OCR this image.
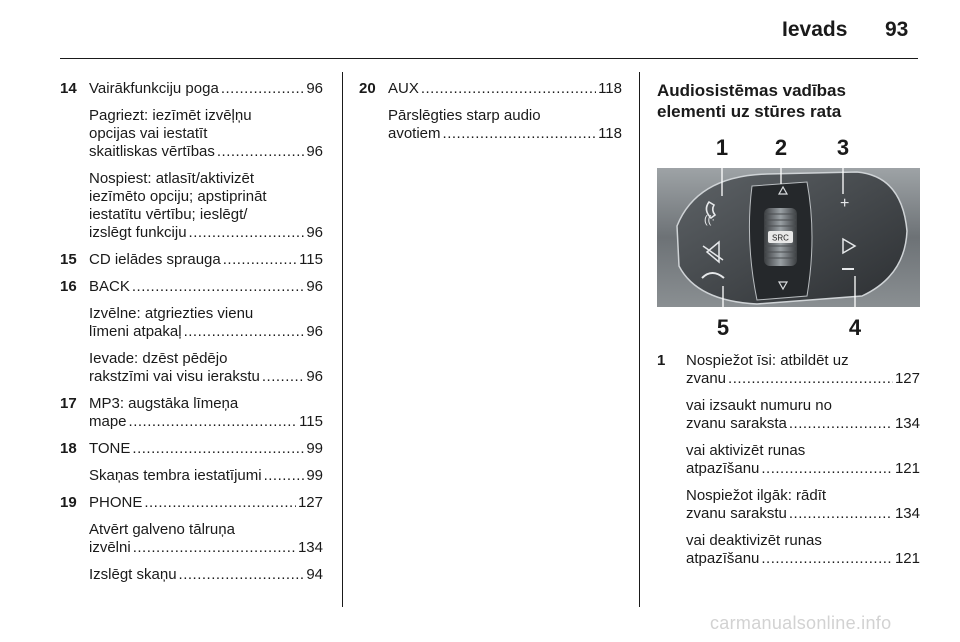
Ievads 93
14 Vairākfunkciju poga .....	96
Pagriezt: iezīmēt izvēļņu
opcijas vai iestatīt
skaitliskas vērtības .....	96
Nospiest: atlasīt/aktivizēt
iezīmēto opciju; apstiprināt
iestatītu vērtību; ieslēgt/
izslēgt funkciju .....	96
15 CD ielādes sprauga .....	115
16 BACK .....	96
Izvēlne: atgriezties vienu
līmeni atpakaļ .....	96
Ievade: dzēst pēdējo
rakstzīmi vai visu ierakstu .....	96
17 MP3: augstāka līmeņa
mape .....	115
18 TONE .....	99
Skaņas tembra iestatījumi .....	99
19 PHONE .....	127
Atvērt galveno tālruņa
izvēlni .....	134
Izslēgt skaņu .....	94
20 AUX .....	118
Pārslēgties starp audio
avotiem .....	118
Audiosistēmas vadības
elementi uz stūres rata
SRC
((·
+
1 2 3
4
5
1 Nospiežot īsi: atbildēt uz
zvanu .....	127
vai izsaukt numuru no
zvanu saraksta .....	134
vai aktivizēt runas
atpazīšanu .....	121
Nospiežot ilgāk: rādīt
zvanu sarakstu .....	134
vai deaktivizēt runas
atpazīšanu .....	121
carmanualsonline.info
